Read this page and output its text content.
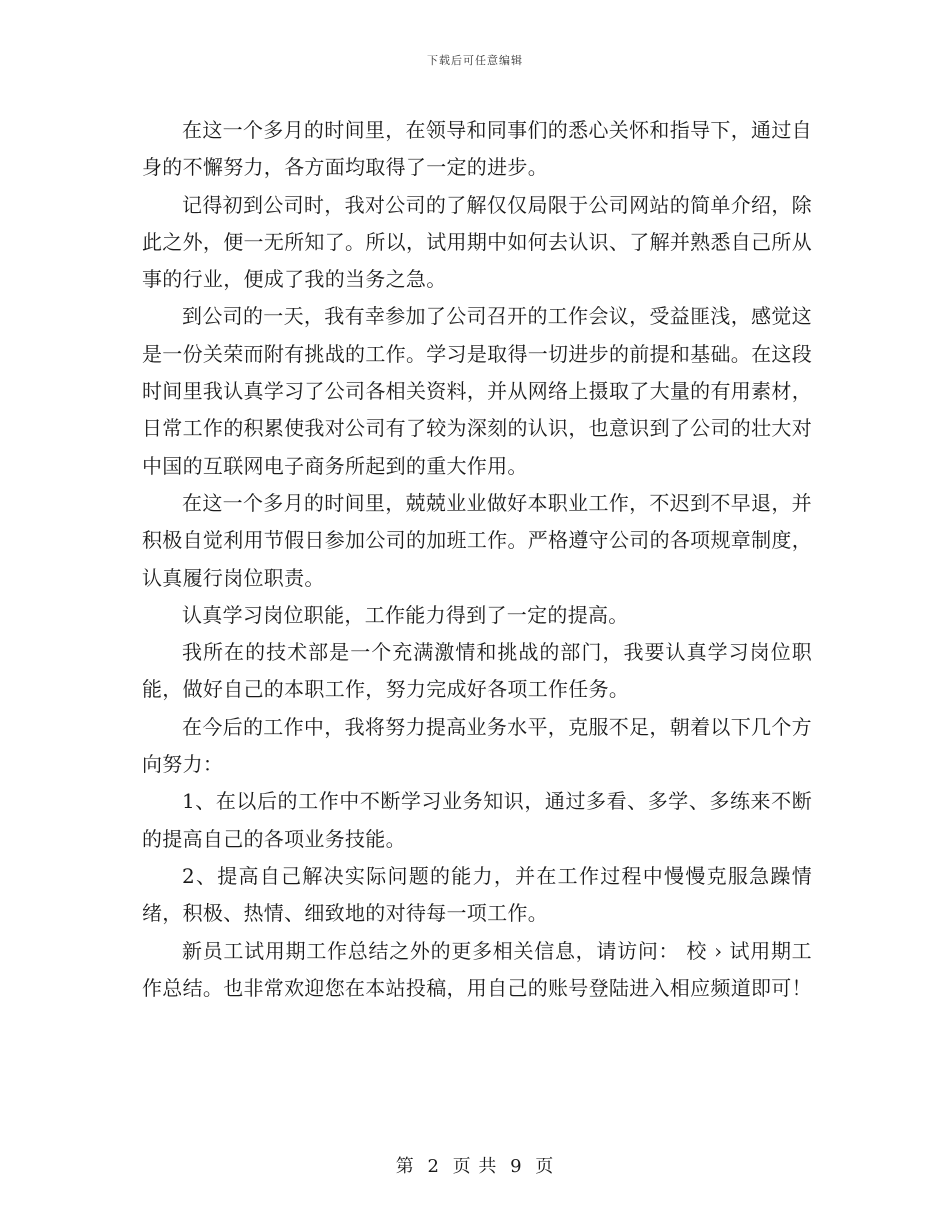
下载后可任意编辑

在这一个多月的时间里，在领导和同事们的悉心关怀和指导下，通过自身的不懈努力，各方面均取得了一定的进步。

记得初到公司时，我对公司的了解仅仅局限于公司网站的简单介绍，除此之外，便一无所知了。所以，试用期中如何去认识、了解并熟悉自己所从事的行业，便成了我的当务之急。

到公司的一天，我有幸参加了公司召开的工作会议，受益匪浅，感觉这是一份关荣而附有挑战的工作。学习是取得一切进步的前提和基础。在这段时间里我认真学习了公司各相关资料，并从网络上摄取了大量的有用素材，日常工作的积累使我对公司有了较为深刻的认识，也意识到了公司的壮大对中国的互联网电子商务所起到的重大作用。

在这一个多月的时间里，兢兢业业做好本职业工作，不迟到不早退，并积极自觉利用节假日参加公司的加班工作。严格遵守公司的各项规章制度，认真履行岗位职责。

认真学习岗位职能，工作能力得到了一定的提高。

我所在的技术部是一个充满激情和挑战的部门，我要认真学习岗位职能，做好自己的本职工作，努力完成好各项工作任务。

在今后的工作中，我将努力提高业务水平，克服不足，朝着以下几个方向努力：

1、在以后的工作中不断学习业务知识，通过多看、多学、多练来不断的提高自己的各项业务技能。

2、提高自己解决实际问题的能力，并在工作过程中慢慢克服急躁情绪，积极、热情、细致地的对待每一项工作。

新员工试用期工作总结之外的更多相关信息，请访问： 校 › 试用期工作总结。也非常欢迎您在本站投稿，用自己的账号登陆进入相应频道即可！

第 2 页 共 9 页
